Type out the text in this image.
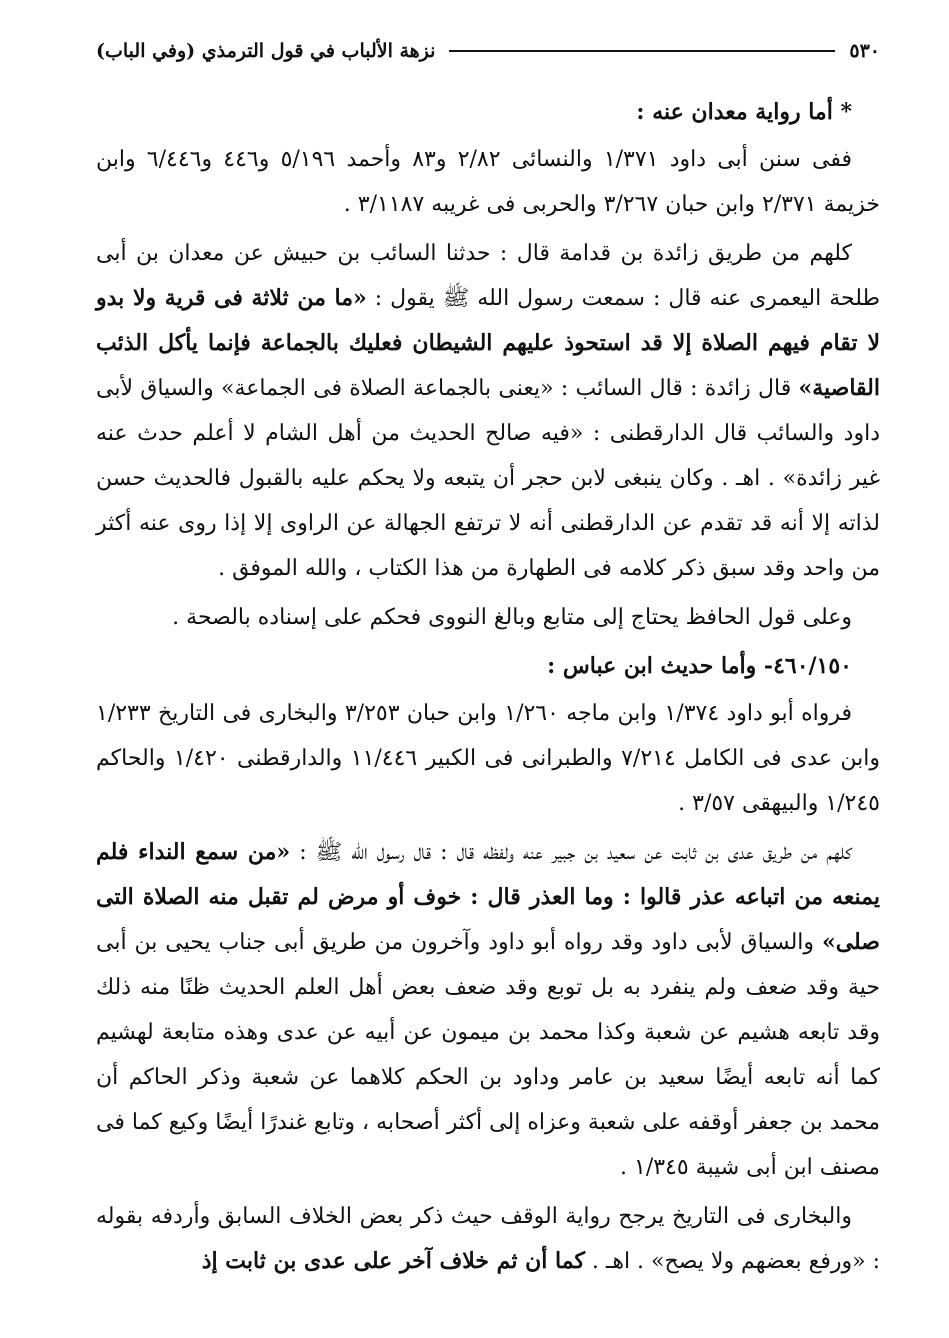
٥٣٠
نزهة الألباب في قول الترمذي (وفي الباب)

* أما رواية معدان عنه :

ففى سنن أبى داود ١/٣٧١ والنسائى ٢/٨٢ و٨٣ وأحمد ٥/١٩٦ و٤٤٦ و٦/٤٤٦ وابن خزيمة ٢/٣٧١ وابن حبان ٣/٢٦٧ والحربى فى غريبه ٣/١١٨٧ .

كلهم من طريق زائدة بن قدامة قال : حدثنا السائب بن حبيش عن معدان بن أبى طلحة اليعمرى عنه قال : سمعت رسول الله ﷺ يقول : «ما من ثلاثة فى قرية ولا بدو لا تقام فيهم الصلاة إلا قد استحوذ عليهم الشيطان فعليك بالجماعة فإنما يأكل الذئب القاصية» قال زائدة : قال السائب : «يعنى بالجماعة الصلاة فى الجماعة» والسياق لأبى داود والسائب قال الدارقطنى : «فيه صالح الحديث من أهل الشام لا أعلم حدث عنه غير زائدة» . اهـ . وكان ينبغى لابن حجر أن يتبعه ولا يحكم عليه بالقبول فالحديث حسن لذاته إلا أنه قد تقدم عن الدارقطنى أنه لا ترتفع الجهالة عن الراوى إلا إذا روى عنه أكثر من واحد وقد سبق ذكر كلامه فى الطهارة من هذا الكتاب ، والله الموفق .

وعلى قول الحافظ يحتاج إلى متابع وبالغ النووى فحكم على إسناده بالصحة .

٤٦٠/١٥٠- وأما حديث ابن عباس :

فرواه أبو داود ١/٣٧٤ وابن ماجه ١/٢٦٠ وابن حبان ٣/٢٥٣ والبخارى فى التاريخ ١/٢٣٣ وابن عدى فى الكامل ٧/٢١٤ والطبرانى فى الكبير ١١/٤٤٦ والدارقطنى ١/٤٢٠ والحاكم ١/٢٤٥ والبيهقى ٣/٥٧ .

كلهم من طريق عدى بن ثابت عن سعيد بن جبير عنه ولفظه قال : قال رسول الله ﷺ : «من سمع النداء فلم يمنعه من اتباعه عذر قالوا : وما العذر قال : خوف أو مرض لم تقبل منه الصلاة التى صلى» والسياق لأبى داود وقد رواه أبو داود وآخرون من طريق أبى جناب يحيى بن أبى حية وقد ضعف ولم ينفرد به بل توبع وقد ضعف بعض أهل العلم الحديث ظنًا منه ذلك وقد تابعه هشيم عن شعبة وكذا محمد بن ميمون عن أبيه عن عدى وهذه متابعة لهشيم كما أنه تابعه أيضًا سعيد بن عامر وداود بن الحكم كلاهما عن شعبة وذكر الحاكم أن محمد بن جعفر أوقفه على شعبة وعزاه إلى أكثر أصحابه ، وتابع غندرًا أيضًا وكيع كما فى مصنف ابن أبى شيبة ١/٣٤٥ .

والبخارى فى التاريخ يرجح رواية الوقف حيث ذكر بعض الخلاف السابق وأردفه بقوله : «ورفع بعضهم ولا يصح» . اهـ . كما أن ثم خلاف آخر على عدى بن ثابت إذ
